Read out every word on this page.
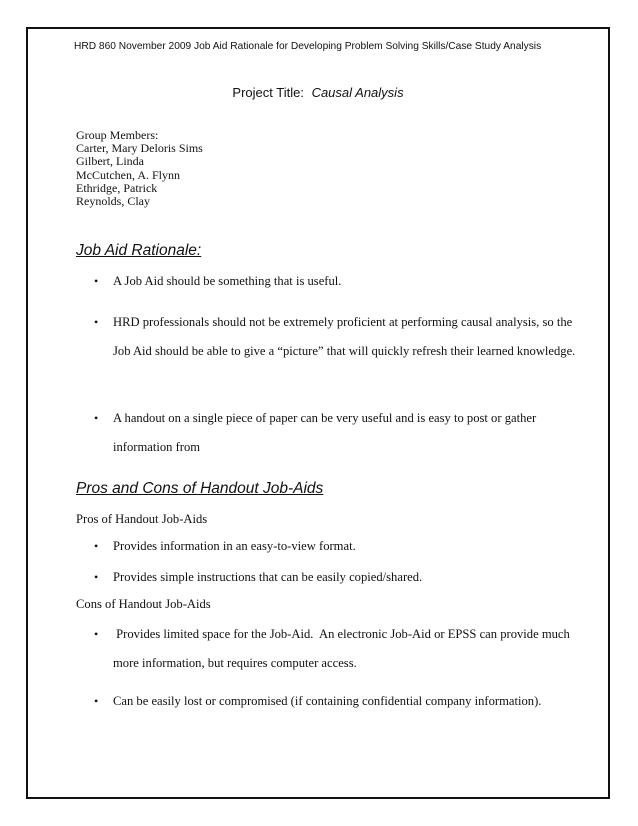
HRD 860 November 2009 Job Aid Rationale for Developing Problem Solving Skills/Case Study Analysis
Project Title: Causal Analysis
Group Members:
Carter, Mary Deloris Sims
Gilbert, Linda
McCutchen, A. Flynn
Ethridge, Patrick
Reynolds, Clay
Job Aid Rationale:
•	A Job Aid should be something that is useful.
•	HRD professionals should not be extremely proficient at performing causal analysis, so the Job Aid should be able to give a “picture” that will quickly refresh their learned knowledge.
•	A handout on a single piece of paper can be very useful and is easy to post or gather information from
Pros and Cons of Handout Job-Aids
Pros of Handout Job-Aids
•	Provides information in an easy-to-view format.
•	Provides simple instructions that can be easily copied/shared.
Cons of Handout Job-Aids
•	Provides limited space for the Job-Aid.  An electronic Job-Aid or EPSS can provide much more information, but requires computer access.
•	Can be easily lost or compromised (if containing confidential company information).
